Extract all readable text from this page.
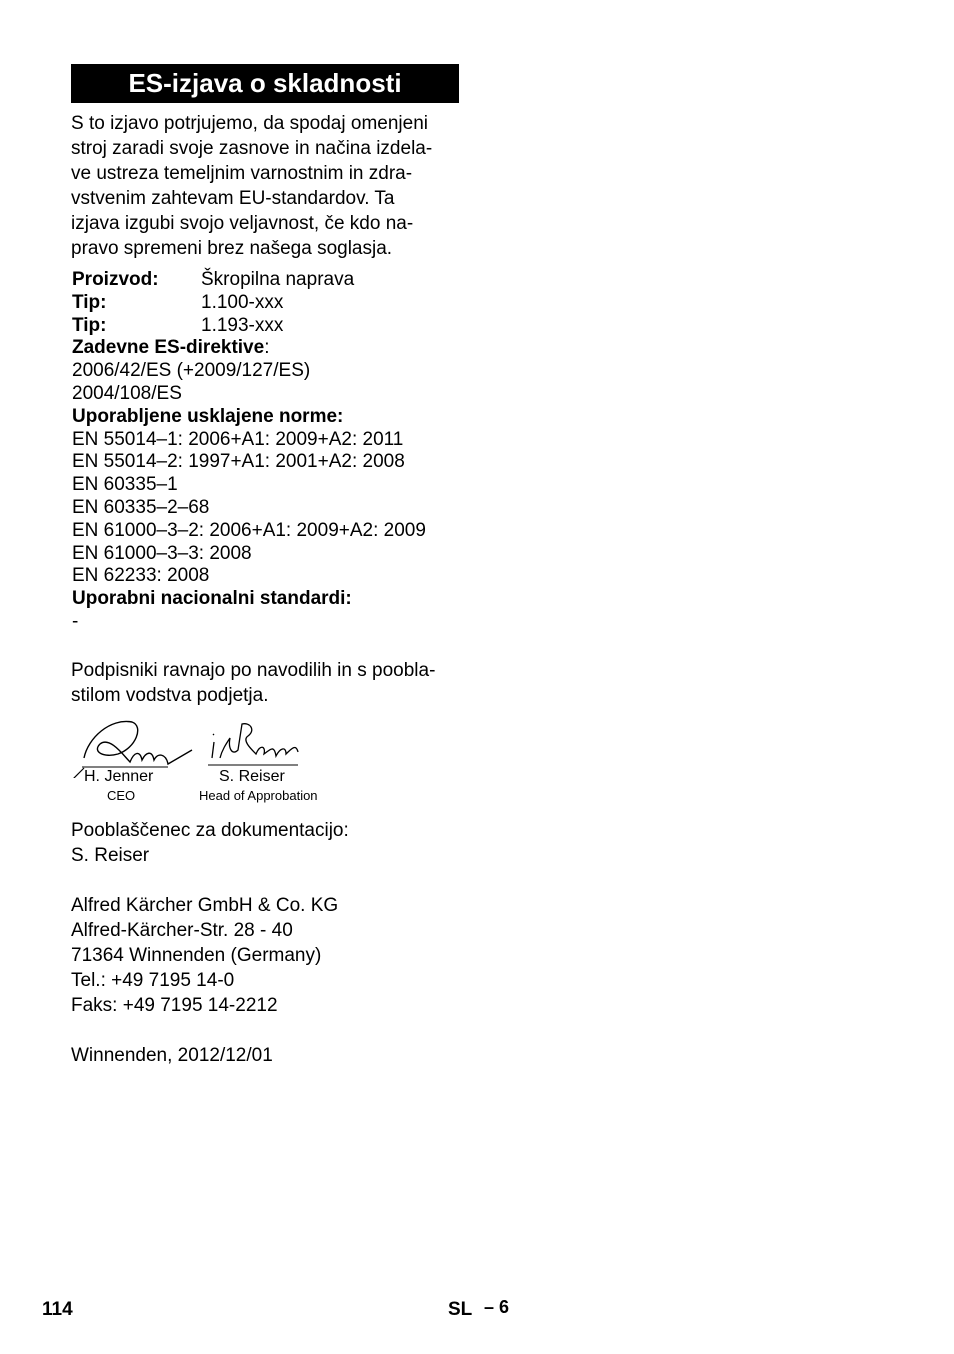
ES-izjava o skladnosti
S to izjavo potrjujemo, da spodaj omenjeni
stroj zaradi svoje zasnove in načina izdela-
ve ustreza temeljnim varnostnim in zdra-
vstvenim zahtevam EU-standardov. Ta
izjava izgubi svojo veljavnost, če kdo na-
pravo spremeni brez našega soglasja.
Proizvod:	Škropilna naprava
Tip:	1.100-xxx
Tip:	1.193-xxx
Zadevne ES-direktive:
2006/42/ES (+2009/127/ES)
2004/108/ES
Uporabljene usklajene norme:
EN 55014–1: 2006+A1: 2009+A2: 2011
EN 55014–2: 1997+A1: 2001+A2: 2008
EN 60335–1
EN 60335–2–68
EN 61000–3–2: 2006+A1: 2009+A2: 2009
EN 61000–3–3: 2008
EN 62233: 2008
Uporabni nacionalni standardi:
-
Podpisniki ravnajo po navodilih in s poobla-
stilom vodstva podjetja.
H. Jenner
CEO
S. Reiser
Head of Approbation
Pooblaščenec za dokumentacijo:
S. Reiser
Alfred Kärcher GmbH & Co. KG
Alfred-Kärcher-Str. 28 - 40
71364 Winnenden (Germany)
Tel.: +49 7195 14-0
Faks: +49 7195 14-2212
Winnenden, 2012/12/01
114	SL – 6
